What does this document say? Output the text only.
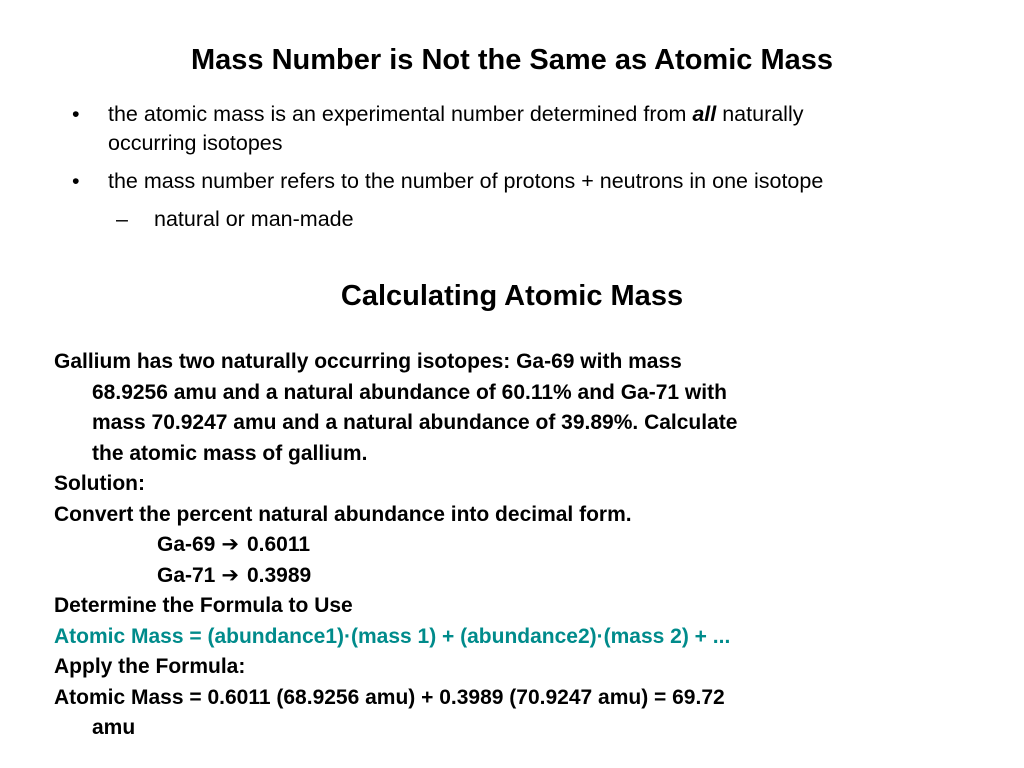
Mass Number is Not the Same as Atomic Mass
• the atomic mass is an experimental number determined from all naturally
occurring isotopes
• the mass number refers to the number of protons + neutrons in one isotope
– natural or man-made
Calculating Atomic Mass
Gallium has two naturally occurring isotopes: Ga-69 with mass
68.9256 amu and a natural abundance of 60.11% and Ga-71 with
mass 70.9247 amu and a natural abundance of 39.89%. Calculate
the atomic mass of gallium.
Solution:
Convert the percent natural abundance into decimal form.
Ga-69 ➔ 0.6011
Ga-71 ➔ 0.3989
Determine the Formula to Use
Atomic Mass = (abundance1)·(mass 1) + (abundance2)·(mass 2) + ...
Apply the Formula:
Atomic Mass = 0.6011 (68.9256 amu) + 0.3989 (70.9247 amu) = 69.72
amu
